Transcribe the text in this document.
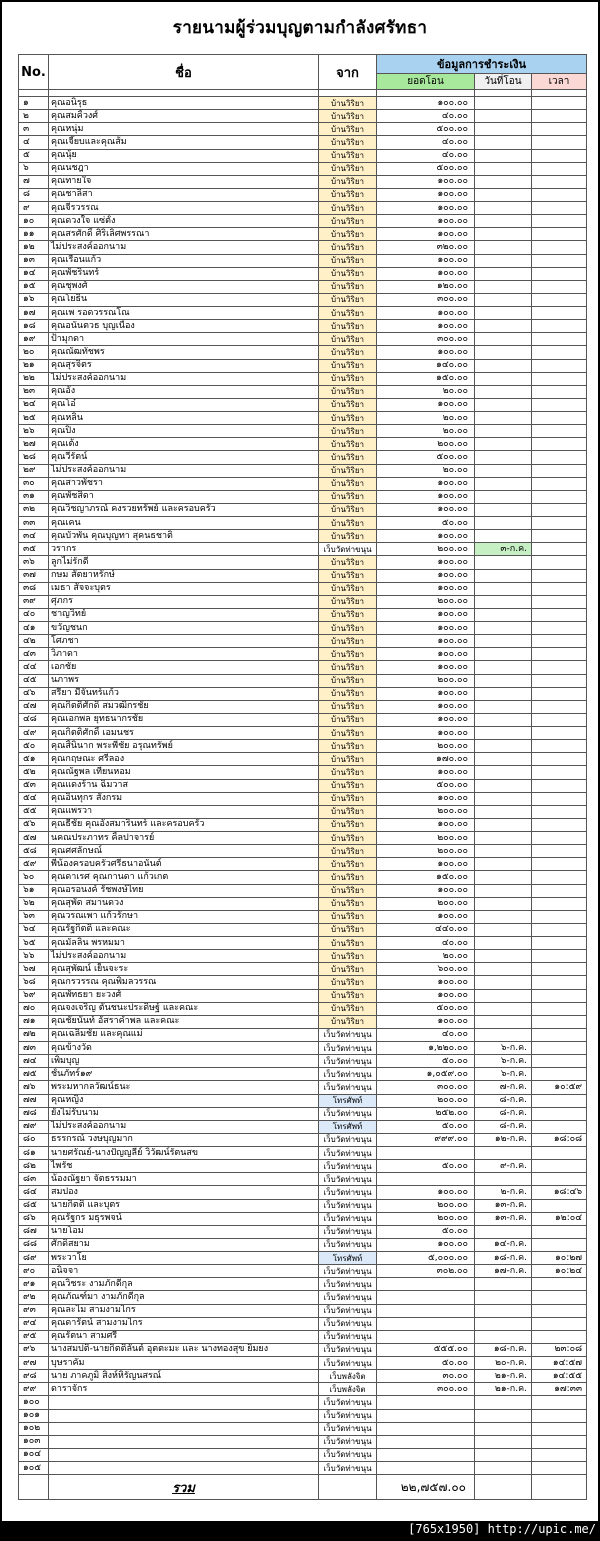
รายนามผู้ร่วมบุญตามกำลังศรัทธา
No.	ชื่อ	จาก	ข้อมูลการชำระเงิน		
			ยอดโอน	วันที่โอน	เวลา

๑	คุณอนิรุธ	บ้านวิริยา	๑๐๐.๐๐		
๒	คุณสมคิ้วงศ์	บ้านวิริยา	๔๐.๐๐		
๓	คุณหนุ่ม	บ้านวิริยา	๕๐๐.๐๐		
๔	คุณเจี๊ยบและคุณส้ม	บ้านวิริยา	๔๐.๐๐		
๕	คุณนุ้ย	บ้านวิริยา	๔๐.๐๐		
๖	คุณนชฎา	บ้านวิริยา	๕๐๐.๐๐		
๗	คุณทายใจ	บ้านวิริยา	๑๐๐.๐๐		
๘	คุณชาลิสา	บ้านวิริยา	๑๐๐.๐๐		
๙	คุณจีรวรรณ	บ้านวิริยา	๑๐๐.๐๐		
๑๐	คุณดวงใจ แซ่ตั้ง	บ้านวิริยา	๑๐๐.๐๐		
๑๑	คุณสรศักดิ์ ศิริเลิศพรรณา	บ้านวิริยา	๑๐๐.๐๐		
๑๒	ไม่ประสงค์ออกนาม	บ้านวิริยา	๓๒๐.๐๐		
๑๓	คุณเรือนแก้ว	บ้านวิริยา	๑๐๐.๐๐		
๑๔	คุณพัชรินทร์	บ้านวิริยา	๑๐๐.๐๐		
๑๕	คุณชุพงศ์	บ้านวิริยา	๑๒๐.๐๐		
๑๖	คุณโยธิน	บ้านวิริยา	๓๐๐.๐๐		
๑๗	คุณเพ รอดวรรณโณ	บ้านวิริยา	๑๐๐.๐๐		
๑๘	คุณอนันตวธ บุญเนื่อง	บ้านวิริยา	๑๐๐.๐๐		
๑๙	ป้ามุกดา	บ้านวิริยา	๓๐๐.๐๐		
๒๐	คุณณัฒทัชพร	บ้านวิริยา	๑๐๐.๐๐		
๒๑	คุณสุรจิตร	บ้านวิริยา	๑๔๐.๐๐		
๒๒	ไม่ประสงค์ออกนาม	บ้านวิริยา	๑๕๐.๐๐		
๒๓	คุณอัง	บ้านวิริยา	๒๐.๐๐		
๒๔	คุณโอ๋	บ้านวิริยา	๑๐๐.๐๐		
๒๕	คุณหลิน	บ้านวิริยา	๒๐.๐๐		
๒๖	คุณปิง	บ้านวิริยา	๒๐.๐๐		
๒๗	คุณเต้ง	บ้านวิริยา	๒๐๐.๐๐		
๒๘	คุณวีรัตน์	บ้านวิริยา	๕๐๐.๐๐		
๒๙	ไม่ประสงค์ออกนาม	บ้านวิริยา	๒๐.๐๐		
๓๐	คุณสาวพัชรา	บ้านวิริยา	๑๐๐.๐๐		
๓๑	คุณพัชสิดา	บ้านวิริยา	๑๐๐.๐๐		
๓๒	คุณวิชญาภรณ์ คงรวยทรัพย์ และครอบครัว	บ้านวิริยา	๑๐๐.๐๐		
๓๓	คุณเคน	บ้านวิริยา	๕๐.๐๐		
๓๔	คุณบัวพัน คุณบุญทา สุคนธชาติ	บ้านวิริยา	๑๐๐.๐๐		
๓๕	วรากร	เว็บวัดท่าขนุน	๒๐๐.๐๐	๓-ก.ค.	
๓๖	ลูกไม่รักดี	บ้านวิริยา	๑๐๐.๐๐		
๓๗	กษม สัตยาหรักษ์	บ้านวิริยา	๑๐๐.๐๐		
๓๘	เมธา สัจจะบุตร	บ้านวิริยา	๑๐๐.๐๐		
๓๙	ศุภกร	บ้านวิริยา	๒๐๐.๐๐		
๔๐	ชาญวิทย์	บ้านวิริยา	๑๐๐.๐๐		
๔๑	ขวัญชนก	บ้านวิริยา	๑๐๐.๐๐		
๔๒	โศภชา	บ้านวิริยา	๑๐๐.๐๐		
๔๓	วิภาดา	บ้านวิริยา	๑๐๐.๐๐		
๔๔	เอกชัย	บ้านวิริยา	๑๐๐.๐๐		
๔๕	นภาพร	บ้านวิริยา	๒๐๐.๐๐		
๔๖	สรียา มีจันทร์แก้ว	บ้านวิริยา	๑๐๐.๐๐		
๔๗	คุณกิตติศักดิ์ สมวฒิกรชัย	บ้านวิริยา	๑๐๐.๐๐		
๔๘	คุณเอกพล ยุทธนากรชัย	บ้านวิริยา	๑๐๐.๐๐		
๔๙	คุณกิตติศักดิ์ เอมนชร	บ้านวิริยา	๑๐๐.๐๐		
๕๐	คุณสิ้นินาก พระพีชัย อรุณทรัพย์	บ้านวิริยา	๒๐๐.๐๐		
๕๑	คุณกฤษณะ ศรีลอง	บ้านวิริยา	๑๗๐.๐๐		
๕๒	คุณณัฐพล เทียนหอม	บ้านวิริยา	๑๐๐.๐๐		
๕๓	คุณแดงร้าน ฉิมวาส	บ้านวิริยา	๕๐๐.๐๐		
๕๔	คุณอิ่นทุกร สังกรม	บ้านวิริยา	๑๐๐.๐๐		
๕๕	คุณแพรวา	บ้านวิริยา	๒๐๐.๐๐		
๕๖	คุณธีชัย คุณอังสมารินทร์ และครอบครัว	บ้านวิริยา	๑๐๐.๐๐		
๕๗	นคณประภาทร คิ้ลปาจารย์	บ้านวิริยา	๒๐๐.๐๐		
๕๘	คุณศศลักษณ์	บ้านวิริยา	๒๐๐.๐๐		
๕๙	พี่น้องครอบครัวศรีธนาอนันต์	บ้านวิริยา	๑๐๐.๐๐		
๖๐	คุณดาเรศ คุณกานดา แก้วเกต	บ้านวิริยา	๑๕๐.๐๐		
๖๑	คุณอรอนงค์ รัชพงษ์ไทย	บ้านวิริยา	๑๐๐.๐๐		
๖๒	คุณสุพัด สมานดวง	บ้านวิริยา	๒๐๐.๐๐		
๖๓	คุณวรณเพา แก้วรักษา	บ้านวิริยา	๑๐๐.๐๐		
๖๔	คุณรัฐกิตติ์ และคณะ	บ้านวิริยา	๔๔๐.๐๐		
๖๕	คุณมัลลิน พรหมมา	บ้านวิริยา	๔๐.๐๐		
๖๖	ไม่ประสงค์ออกนาม	บ้านวิริยา	๒๐.๐๐		
๖๗	คุณสุพัฒน์ เย็นจะระ	บ้านวิริยา	๖๐๐.๐๐		
๖๘	คุณกรวรรณ คุณพิมลวรรณ	บ้านวิริยา	๑๐๐.๐๐		
๖๙	คุณพัทธยา ยะวงศ์	บ้านวิริยา	๑๐๐.๐๐		
๗๐	คุณจงเจริญ ตันชนะประดิษฐ์ และคณะ	บ้านวิริยา	๕๐๐.๐๐		
๗๑	คุณชัยนันท์ อัสราคำพล และคณะ	บ้านวิริยา	๑๐๐.๐๐		
๗๒	คุณเฉลิมชัย และคุณแม่	เว็บวัดท่าขนุน	๔๐.๐๐		
๗๓	คุณข้างวัด	เว็บวัดท่าขนุน	๑,๒๒๐.๐๐	๖-ก.ค.	
๗๔	เพิ่มบุญ	เว็บวัดท่าขนุน	๕๐.๐๐	๖-ก.ค.	
๗๕	ชั้นภัทร์๑๙	เว็บวัดท่าขนุน	๑,๐๕๙.๐๐	๖-ก.ค.	
๗๖	พระมหากลวัฒน์ธนะ	เว็บวัดท่าขนุน	๓๐๐.๐๐	๗-ก.ค.	๑๐:๕๙
๗๗	คุณหญิง	โทรศัพท์	๒๐๐.๐๐	๘-ก.ค.	
๗๘	ยังไม่รับนาม	เว็บวัดท่าขนุน	๒๕๒.๐๐	๘-ก.ค.	
๗๙	ไม่ประสงค์ออกนาม	โทรศัพท์	๕๐.๐๐	๘-ก.ค.	
๘๐	ธรรกรณ์ วงษบุญมาก	เว็บวัดท่าขนุน	๙๙๙.๐๐	๑๒-ก.ค.	๑๘:๐๘
๘๑	นายศรัณย์-นางปัญญลีย์ วิวัฒน์รัตนสข	เว็บวัดท่าขนุน			
๘๒	ไพรัช	เว็บวัดท่าขนุน	๕๐.๐๐	๙-ก.ค.	
๘๓	น้องณัฐยา จัตธรรมมา	เว็บวัดท่าขนุน			
๘๔	สมปอง	เว็บวัดท่าขนุน	๑๐๐.๐๐	๒-ก.ค.	๑๘:๔๖
๘๕	นายกิตติ์ และบุตร	เว็บวัดท่าขนุน	๒๐๐.๐๐	๑๓-ก.ค.	
๘๖	คุณรัฐกร มธุรพจน์	เว็บวัดท่าขนุน	๒๐๐.๐๐	๑๓-ก.ค.	๑๒:๐๔
๘๗	นายโอม	เว็บวัดท่าขนุน	๕๐.๐๐		
๘๘	ศักดิ์สยาม	เว็บวัดท่าขนุน	๑๐๐.๐๐	๑๔-ก.ค.	
๘๙	พระวาโย	โทรศัพท์	๕,๐๐๐.๐๐	๑๘-ก.ค.	๑๐:๒๗
๙๐	อนิจจา	เว็บวัดท่าขนุน	๓๐๒.๐๐	๑๗-ก.ค.	๑๐:๒๔
๙๑	คุณวิชระ งามภักดีกุล	เว็บวัดท่าขนุน			
๙๒	คุณภัณฑ์ิมา งามภักดีกุล	เว็บวัดท่าขนุน			
๙๓	คุณละไม สามงามไกร	เว็บวัดท่าขนุน			
๙๔	คุณดารัตน์ สามงามไกร	เว็บวัดท่าขนุน			
๙๕	คุณรัตนา สามศรี	เว็บวัดท่าขนุน			
๙๖	นางสมปติ-นายกิตติลันต์ อุตตะมะ และ นางทองสุข ยิ้มยง	เว็บวัดท่าขนุน	๕๕๕.๐๐	๑๘-ก.ค.	๒๓:๐๘
๙๗	บุษราคัม	เว็บวัดท่าขนุน	๕๐.๐๐	๒๐-ก.ค.	๑๔:๕๗
๙๘	นาย ภาคภูมิ สิงห์หิรัญนสรณ์	เว็บพลังจิต	๓๐.๐๐	๒๑-ก.ค.	๑๔:๕๕
๙๙	ดาราจักร	เว็บพลังจิต	๓๐๐.๐๐	๒๑-ก.ค.	๑๗:๓๓
๑๐๐		เว็บวัดท่าขนุน			
๑๐๑		เว็บวัดท่าขนุน			
๑๐๒		เว็บวัดท่าขนุน			
๑๐๓		เว็บวัดท่าขนุน			
๑๐๔		เว็บวัดท่าขนุน			
๑๐๕		เว็บวัดท่าขนุน			
	รวม		๒๒,๗๕๗.๐๐		
[765x1950] http://upic.me/
